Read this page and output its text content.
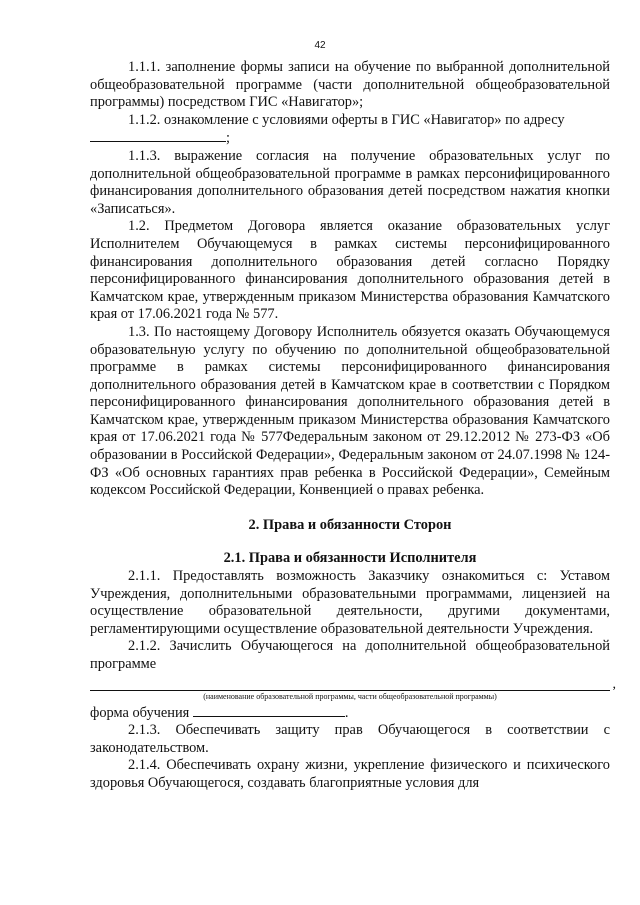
42

1.1.1. заполнение формы записи на обучение по выбранной дополнительной общеобразовательной программе (части дополнительной общеобразовательной программы) посредством ГИС «Навигатор»;

1.1.2. ознакомление с условиями оферты в ГИС «Навигатор» по адресу

;

1.1.3. выражение согласия на получение образовательных услуг по дополнительной общеобразовательной программе в рамках персонифицированного финансирования дополнительного образования детей посредством нажатия кнопки «Записаться».

1.2. Предметом Договора является оказание образовательных услуг Исполнителем Обучающемуся в рамках системы персонифицированного финансирования дополнительного образования детей согласно Порядку персонифицированного финансирования дополнительного образования детей в Камчатском крае, утвержденным приказом Министерства образования Камчатского края от 17.06.2021 года № 577.

1.3. По настоящему Договору Исполнитель обязуется оказать Обучающемуся образовательную услугу по обучению по дополнительной общеобразовательной программе в рамках системы персонифицированного финансирования дополнительного образования детей в Камчатском крае в соответствии с Порядком персонифицированного финансирования дополнительного образования детей в Камчатском крае, утвержденным приказом Министерства образования Камчатского края от 17.06.2021 года № 577Федеральным законом от 29.12.2012 № 273-ФЗ «Об образовании в Российской Федерации», Федеральным законом от 24.07.1998 № 124-ФЗ «Об основных гарантиях прав ребенка в Российской Федерации», Семейным кодексом Российской Федерации, Конвенцией о правах ребенка.

2. Права и обязанности Сторон
2.1. Права и обязанности Исполнителя

2.1.1. Предоставлять возможность Заказчику ознакомиться с: Уставом Учреждения, дополнительными образовательными программами, лицензией на осуществление образовательной деятельности, другими документами, регламентирующими осуществление образовательной деятельности Учреждения.

2.1.2. Зачислить Обучающегося на дополнительной общеобразовательной программе

,
(наименование образовательной программы, части общеобразовательной программы)

форма обучения	.

2.1.3. Обеспечивать защиту прав Обучающегося в соответствии с законодательством.

2.1.4. Обеспечивать охрану жизни, укрепление физического и психического здоровья Обучающегося, создавать благоприятные условия для
